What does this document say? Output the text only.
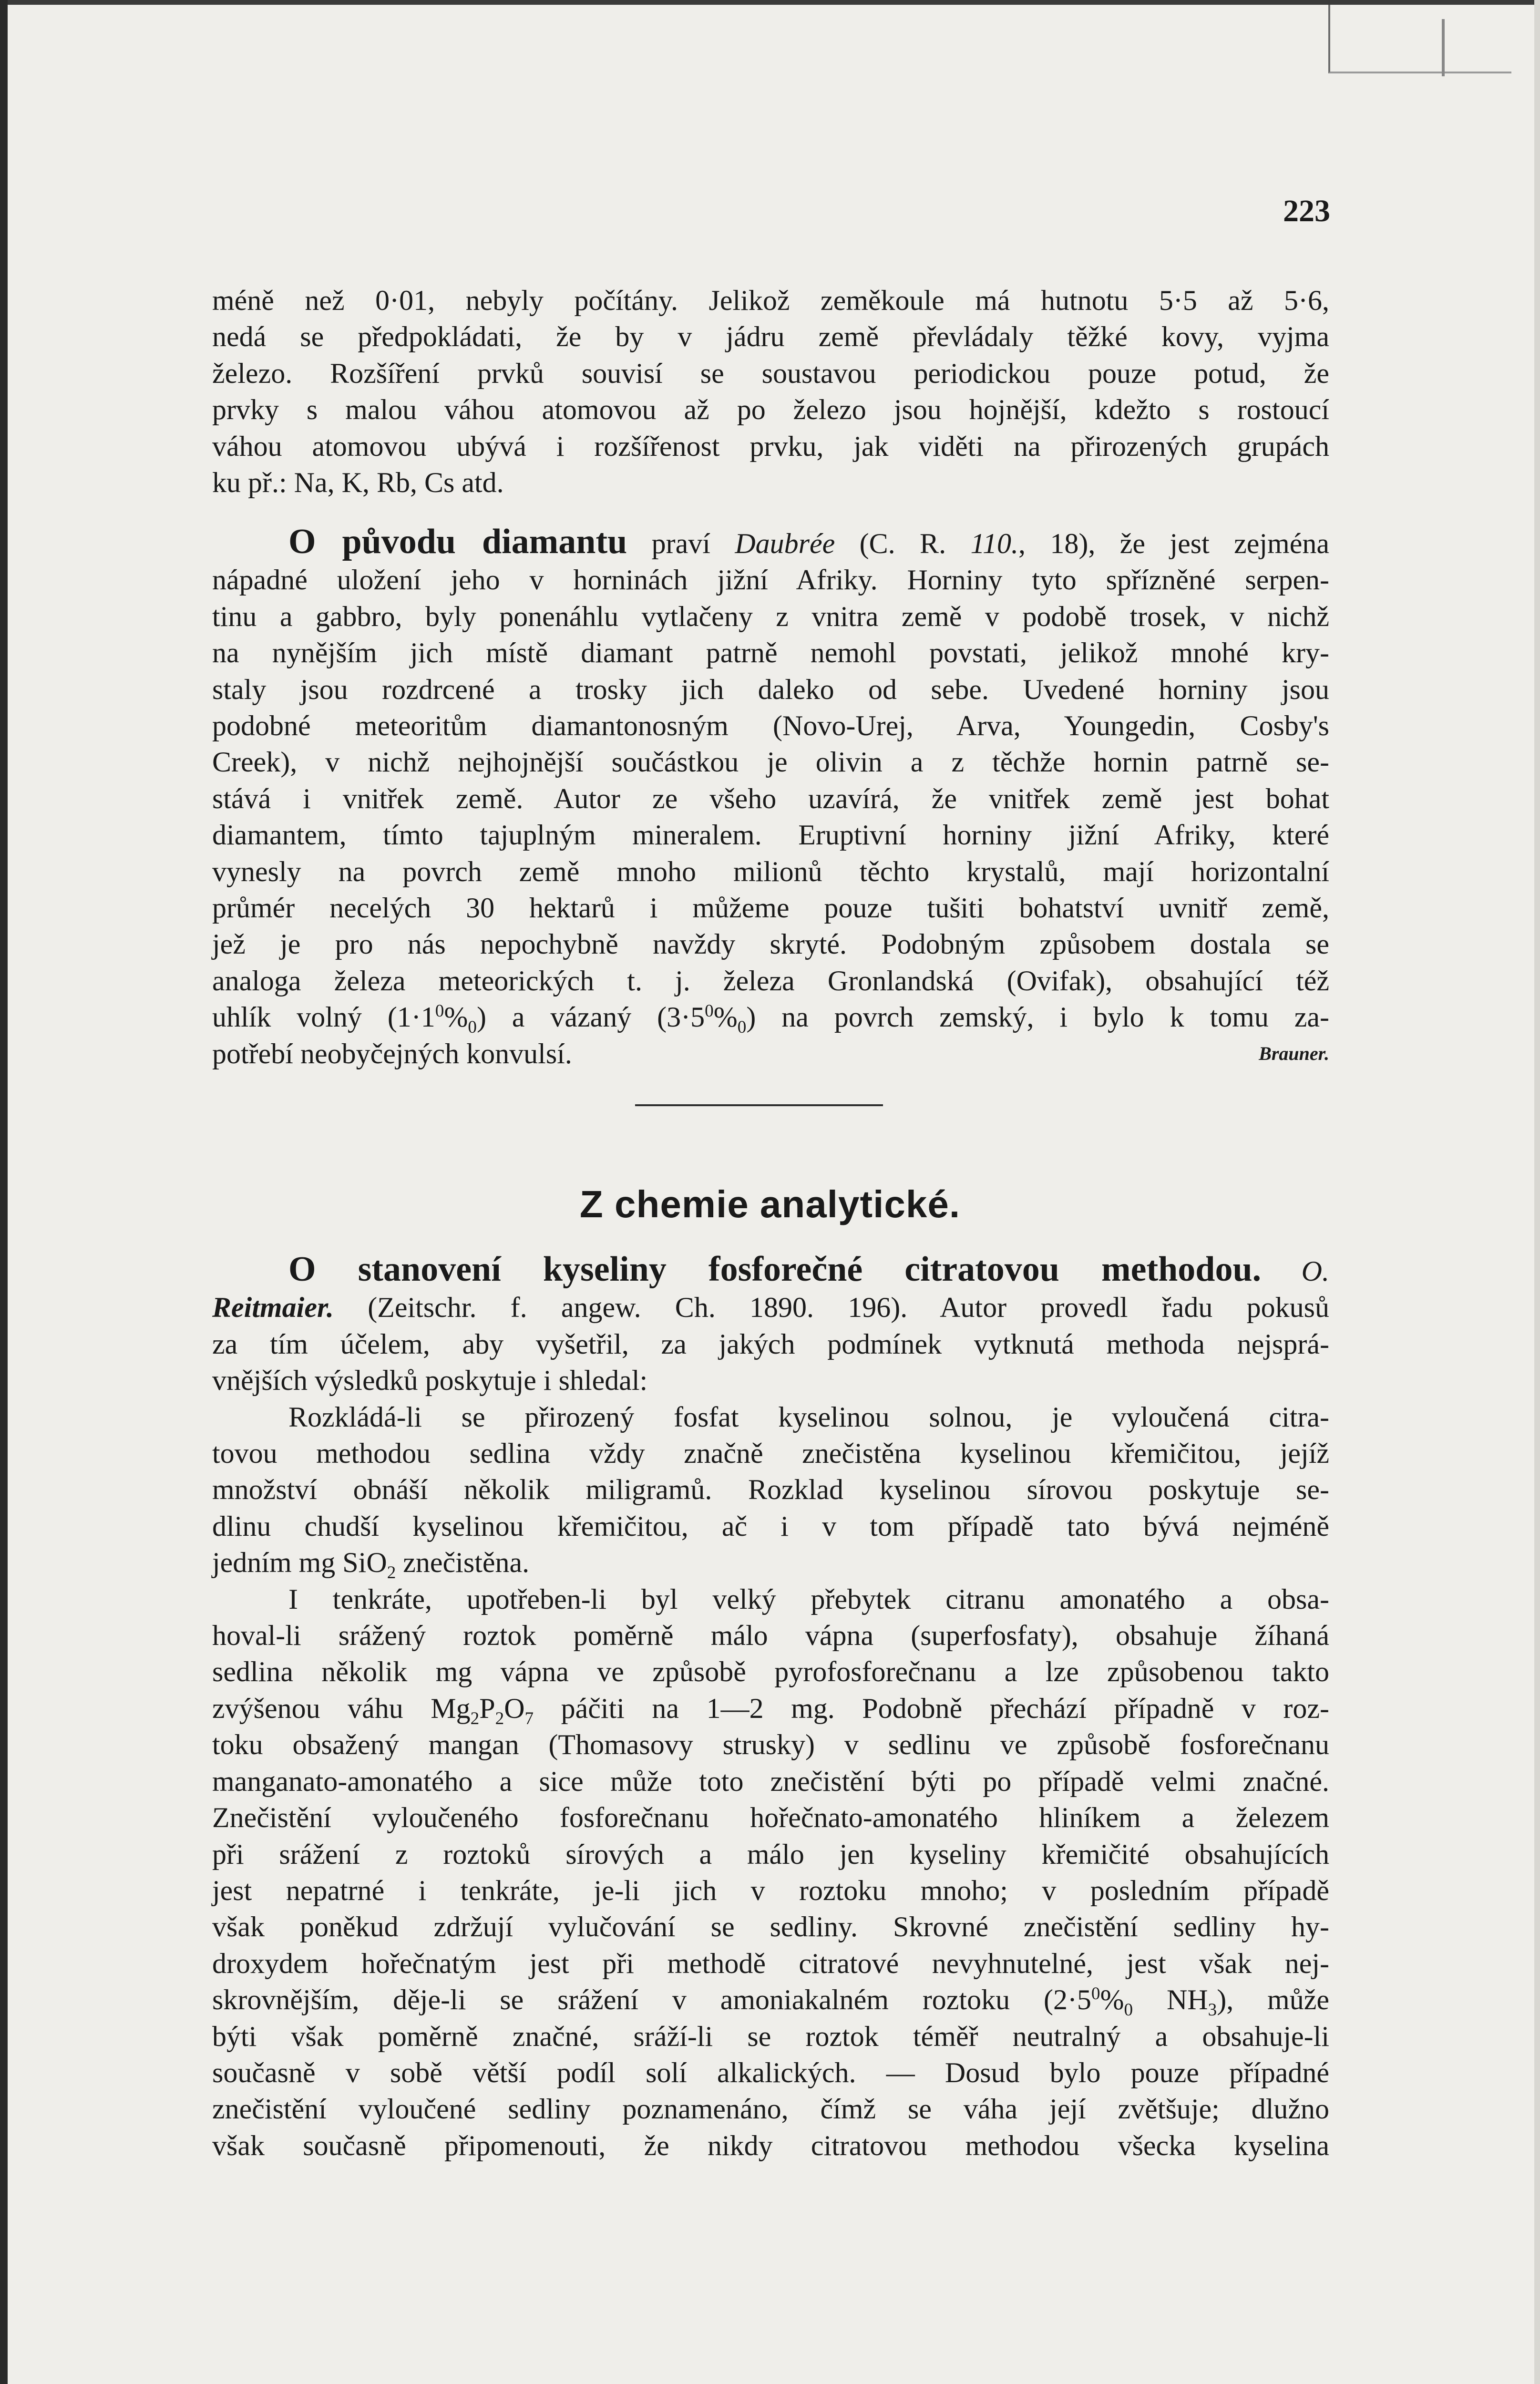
223
méně než 0·01, nebyly počítány. Jelikož zeměkoule má hutnotu 5·5 až 5·6,
nedá se předpokládati, že by v jádru země převládaly těžké kovy, vyjma
železo. Rozšíření prvků souvisí se soustavou periodickou pouze potud, že
prvky s malou váhou atomovou až po železo jsou hojnější, kdežto s rostoucí
váhou atomovou ubývá i rozšířenost prvku, jak viděti na přirozených grupách
ku př.: Na, K, Rb, Cs atd.
O původu diamantu praví Daubrée (C. R. 110., 18), že jest zejména
nápadné uložení jeho v horninách jižní Afriky. Horniny tyto spřízněné serpen-
tinu a gabbro, byly ponenáhlu vytlačeny z vnitra země v podobě trosek, v nichž
na nynějším jich místě diamant patrně nemohl povstati, jelikož mnohé kry-
staly jsou rozdrcené a trosky jich daleko od sebe. Uvedené horniny jsou
podobné meteoritům diamantonosným (Novo-Urej, Arva, Youngedin, Cosby's
Creek), v nichž nejhojnější součástkou je olivin a z těchže hornin patrně se-
stává i vnitřek země. Autor ze všeho uzavírá, že vnitřek země jest bohat
diamantem, tímto tajuplným mineralem. Eruptivní horniny jižní Afriky, které
vynesly na povrch země mnoho milionů těchto krystalů, mají horizontalní
průmér necelých 30 hektarů i můžeme pouze tušiti bohatství uvnitř země,
jež je pro nás nepochybně navždy skryté. Podobným způsobem dostala se
analoga železa meteorických t. j. železa Gronlandská (Ovifak), obsahující též
uhlík volný $(1\cdot 1^0\%_0)$ a vázaný $(3\cdot 5^0\%_0)$ na povrch zemský, i bylo k tomu za-
potřebí neobyčejných konvulsí.	Brauner.
Z chemie analytické.
O stanovení kyseliny fosforečné citratovou methodou. O.
Reitmaier. (Zeitschr. f. angew. Ch. 1890. 196). Autor provedl řadu pokusů
za tím účelem, aby vyšetřil, za jakých podmínek vytknutá methoda nejsprá-
vnějších výsledků poskytuje i shledal:
Rozkládá-li se přirozený fosfat kyselinou solnou, je vyloučená citra-
tovou methodou sedlina vždy značně znečistěna kyselinou křemičitou, jejíž
množství obnáší několik miligramů. Rozklad kyselinou sírovou poskytuje se-
dlinu chudší kyselinou křemičitou, ač i v tom případě tato bývá nejméně
jedním mg SiO$_2$ znečistěna.
I tenkráte, upotřeben-li byl velký přebytek citranu amonatého a obsa-
hoval-li srážený roztok poměrně málo vápna (superfosfaty), obsahuje žíhaná
sedlina několik mg vápna ve způsobě pyrofosforečnanu a lze způsobenou takto
zvýšenou váhu $Mg_2P_2O_7$ páčiti na 1—2 mg. Podobně přechází případně v roz-
toku obsažený mangan (Thomasovy strusky) v sedlinu ve způsobě fosforečnanu
manganato-amonatého a sice může toto znečistění býti po případě velmi značné.
Znečistění vyloučeného fosforečnanu hořečnato-amonatého hliníkem a železem
při srážení z roztoků sírových a málo jen kyseliny křemičité obsahujících
jest nepatrné i tenkráte, je-li jich v roztoku mnoho; v posledním případě
však poněkud zdržují vylučování se sedliny. Skrovné znečistění sedliny hy-
droxydem hořečnatým jest při methodě citratové nevyhnutelné, jest však nej-
skrovnějším, děje-li se srážení v amoniakalném roztoku ($2\cdot 5^0\%_0$ $NH_3$), může
býti však poměrně značné, sráží-li se roztok téměř neutralný a obsahuje-li
současně v sobě větší podíl solí alkalických. — Dosud bylo pouze případné
znečistění vyloučené sedliny poznamenáno, čímž se váha její zvětšuje; dlužno
však současně připomenouti, že nikdy citratovou methodou všecka kyselina
